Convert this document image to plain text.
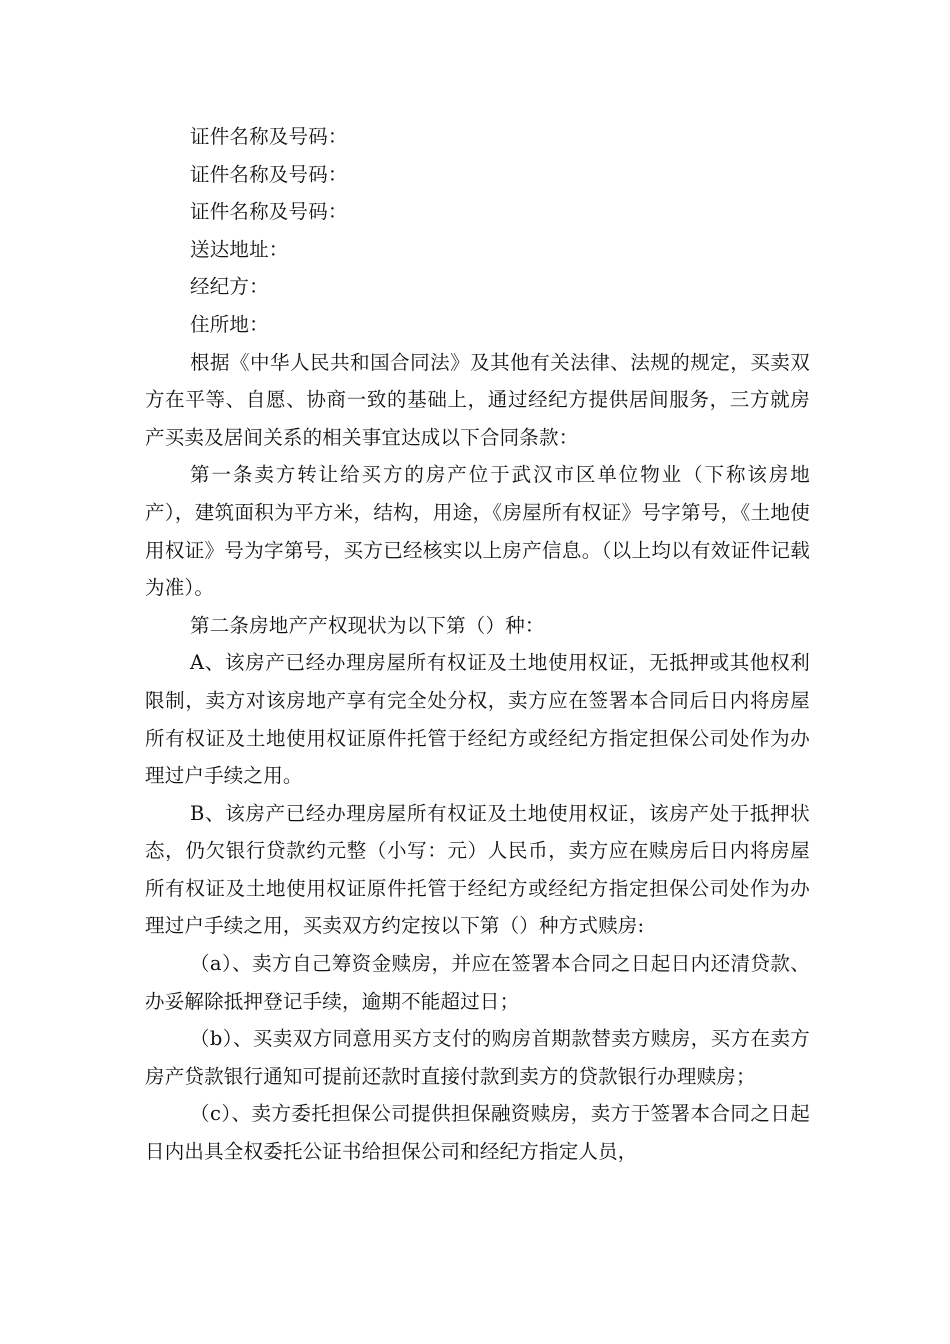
证件名称及号码：

证件名称及号码：

证件名称及号码：

送达地址：

经纪方：

住所地：

根据《中华人民共和国合同法》及其他有关法律、法规的规定，买卖双方在平等、自愿、协商一致的基础上，通过经纪方提供居间服务，三方就房产买卖及居间关系的相关事宜达成以下合同条款：

第一条卖方转让给买方的房产位于武汉市区单位物业（下称该房地产），建筑面积为平方米，结构，用途，《房屋所有权证》号字第号，《土地使用权证》号为字第号，买方已经核实以上房产信息。（以上均以有效证件记载为准）。

第二条房地产产权现状为以下第（）种：

A、该房产已经办理房屋所有权证及土地使用权证，无抵押或其他权利限制，卖方对该房地产享有完全处分权，卖方应在签署本合同后日内将房屋所有权证及土地使用权证原件托管于经纪方或经纪方指定担保公司处作为办理过户手续之用。

B、该房产已经办理房屋所有权证及土地使用权证，该房产处于抵押状态，仍欠银行贷款约元整（小写：元）人民币，卖方应在赎房后日内将房屋所有权证及土地使用权证原件托管于经纪方或经纪方指定担保公司处作为办理过户手续之用，买卖双方约定按以下第（）种方式赎房:

（a）、卖方自己筹资金赎房，并应在签署本合同之日起日内还清贷款、办妥解除抵押登记手续，逾期不能超过日；

（b）、买卖双方同意用买方支付的购房首期款替卖方赎房，买方在卖方房产贷款银行通知可提前还款时直接付款到卖方的贷款银行办理赎房；

（c）、卖方委托担保公司提供担保融资赎房，卖方于签署本合同之日起日内出具全权委托公证书给担保公司和经纪方指定人员，
